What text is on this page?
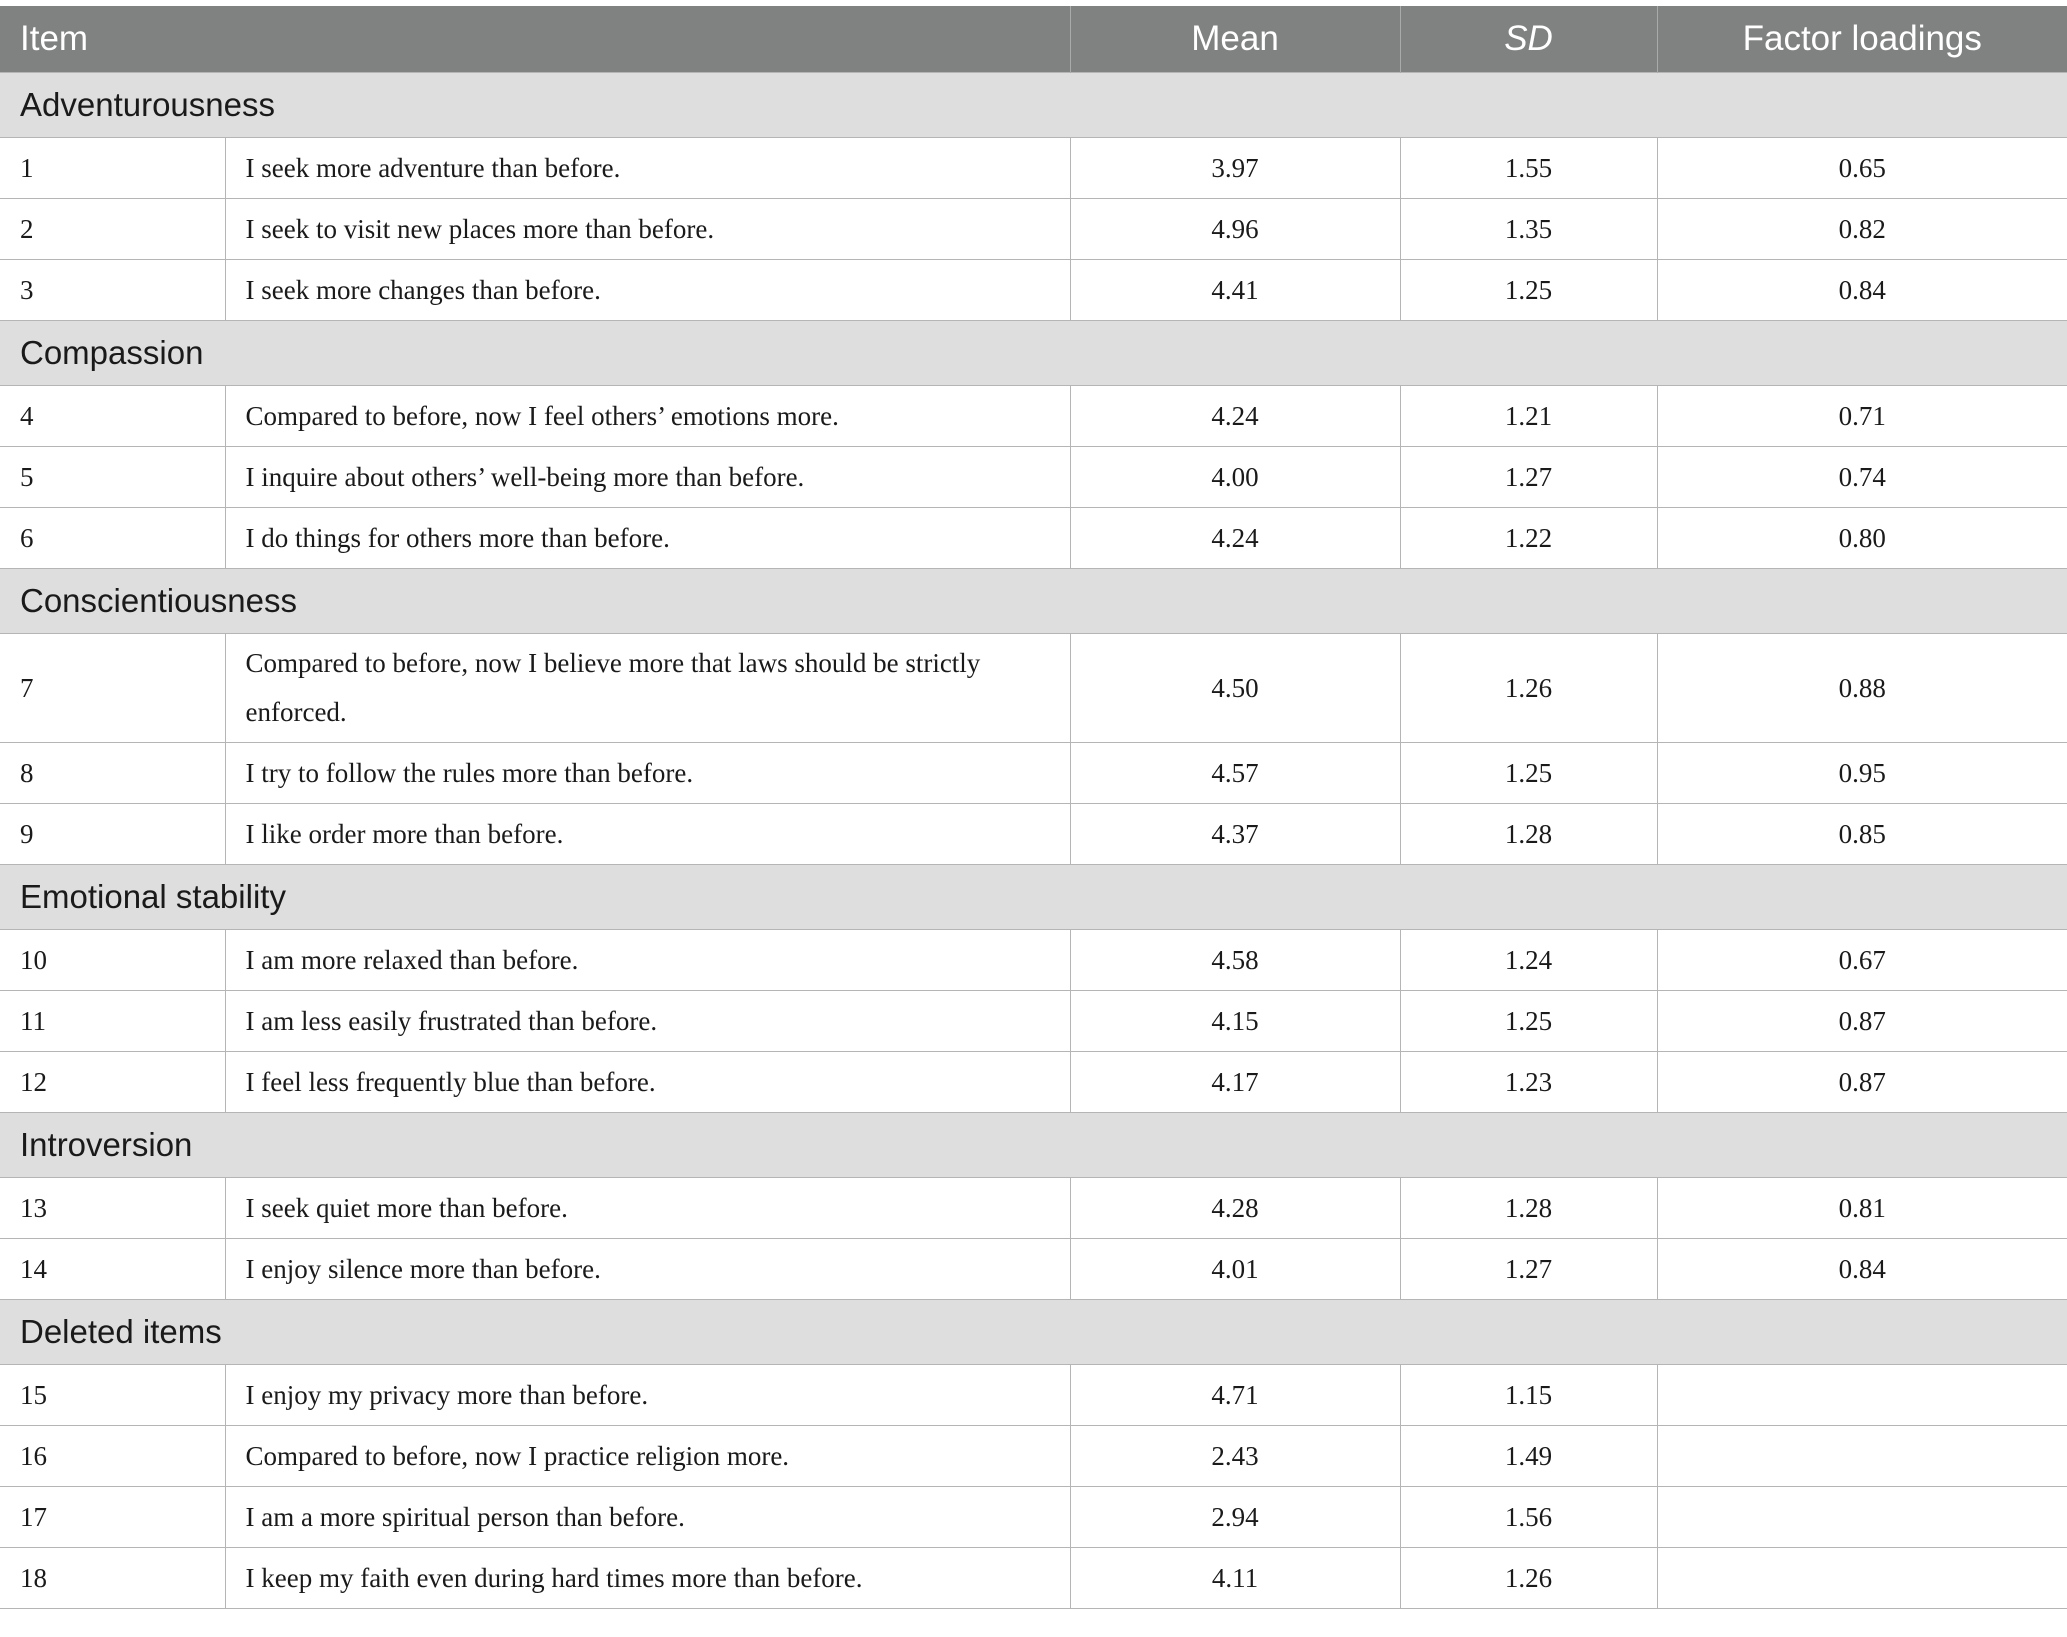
Item		Mean	SD	Factor loadings
Adventurousness				
1	I seek more adventure than before.	3.97	1.55	0.65
2	I seek to visit new places more than before.	4.96	1.35	0.82
3	I seek more changes than before.	4.41	1.25	0.84
Compassion				
4	Compared to before, now I feel others’ emotions more.	4.24	1.21	0.71
5	I inquire about others’ well-being more than before.	4.00	1.27	0.74
6	I do things for others more than before.	4.24	1.22	0.80
Conscientiousness				
7	Compared to before, now I believe more that laws should be strictly enforced.	4.50	1.26	0.88
8	I try to follow the rules more than before.	4.57	1.25	0.95
9	I like order more than before.	4.37	1.28	0.85
Emotional stability				
10	I am more relaxed than before.	4.58	1.24	0.67
11	I am less easily frustrated than before.	4.15	1.25	0.87
12	I feel less frequently blue than before.	4.17	1.23	0.87
Introversion				
13	I seek quiet more than before.	4.28	1.28	0.81
14	I enjoy silence more than before.	4.01	1.27	0.84
Deleted items				
15	I enjoy my privacy more than before.	4.71	1.15	
16	Compared to before, now I practice religion more.	2.43	1.49	
17	I am a more spiritual person than before.	2.94	1.56	
18	I keep my faith even during hard times more than before.	4.11	1.26	
